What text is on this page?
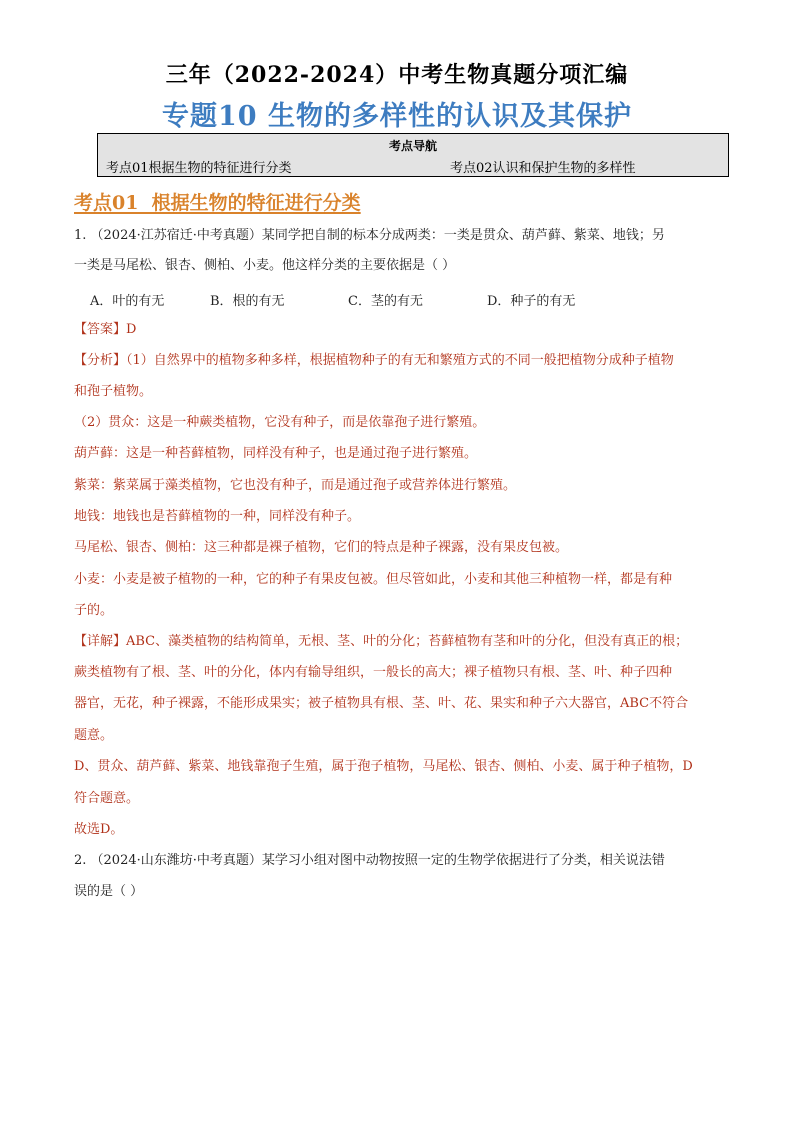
三年（2022-2024）中考生物真题分项汇编
专题10 生物的多样性的认识及其保护
考点导航
考点01根据生物的特征进行分类	考点02认识和保护生物的多样性
考点01  根据生物的特征进行分类
1. （2024·江苏宿迁·中考真题）某同学把自制的标本分成两类：一类是贯众、葫芦藓、紫菜、地钱；另
一类是马尾松、银杏、侧柏、小麦。他这样分类的主要依据是（ ）
A．叶的有无	B．根的有无	C．茎的有无	D．种子的有无
【答案】D
【分析】（1）自然界中的植物多种多样，根据植物种子的有无和繁殖方式的不同一般把植物分成种子植物
和孢子植物。
（2）贯众：这是一种蕨类植物，它没有种子，而是依靠孢子进行繁殖。
葫芦藓：这是一种苔藓植物，同样没有种子，也是通过孢子进行繁殖。
紫菜：紫菜属于藻类植物，它也没有种子，而是通过孢子或营养体进行繁殖。
地钱：地钱也是苔藓植物的一种，同样没有种子。
马尾松、银杏、侧柏：这三种都是裸子植物，它们的特点是种子裸露，没有果皮包被。
小麦：小麦是被子植物的一种，它的种子有果皮包被。但尽管如此，小麦和其他三种植物一样，都是有种
子的。
【详解】ABC、藻类植物的结构简单，无根、茎、叶的分化；苔藓植物有茎和叶的分化，但没有真正的根；
蕨类植物有了根、茎、叶的分化，体内有输导组织，一般长的高大；裸子植物只有根、茎、叶、种子四种
器官，无花，种子裸露，不能形成果实；被子植物具有根、茎、叶、花、果实和种子六大器官，ABC不符合
题意。
D、贯众、葫芦藓、紫菜、地钱靠孢子生殖，属于孢子植物，马尾松、银杏、侧柏、小麦、属于种子植物，D
符合题意。
故选D。
2. （2024·山东潍坊·中考真题）某学习小组对图中动物按照一定的生物学依据进行了分类，相关说法错
误的是（ ）
